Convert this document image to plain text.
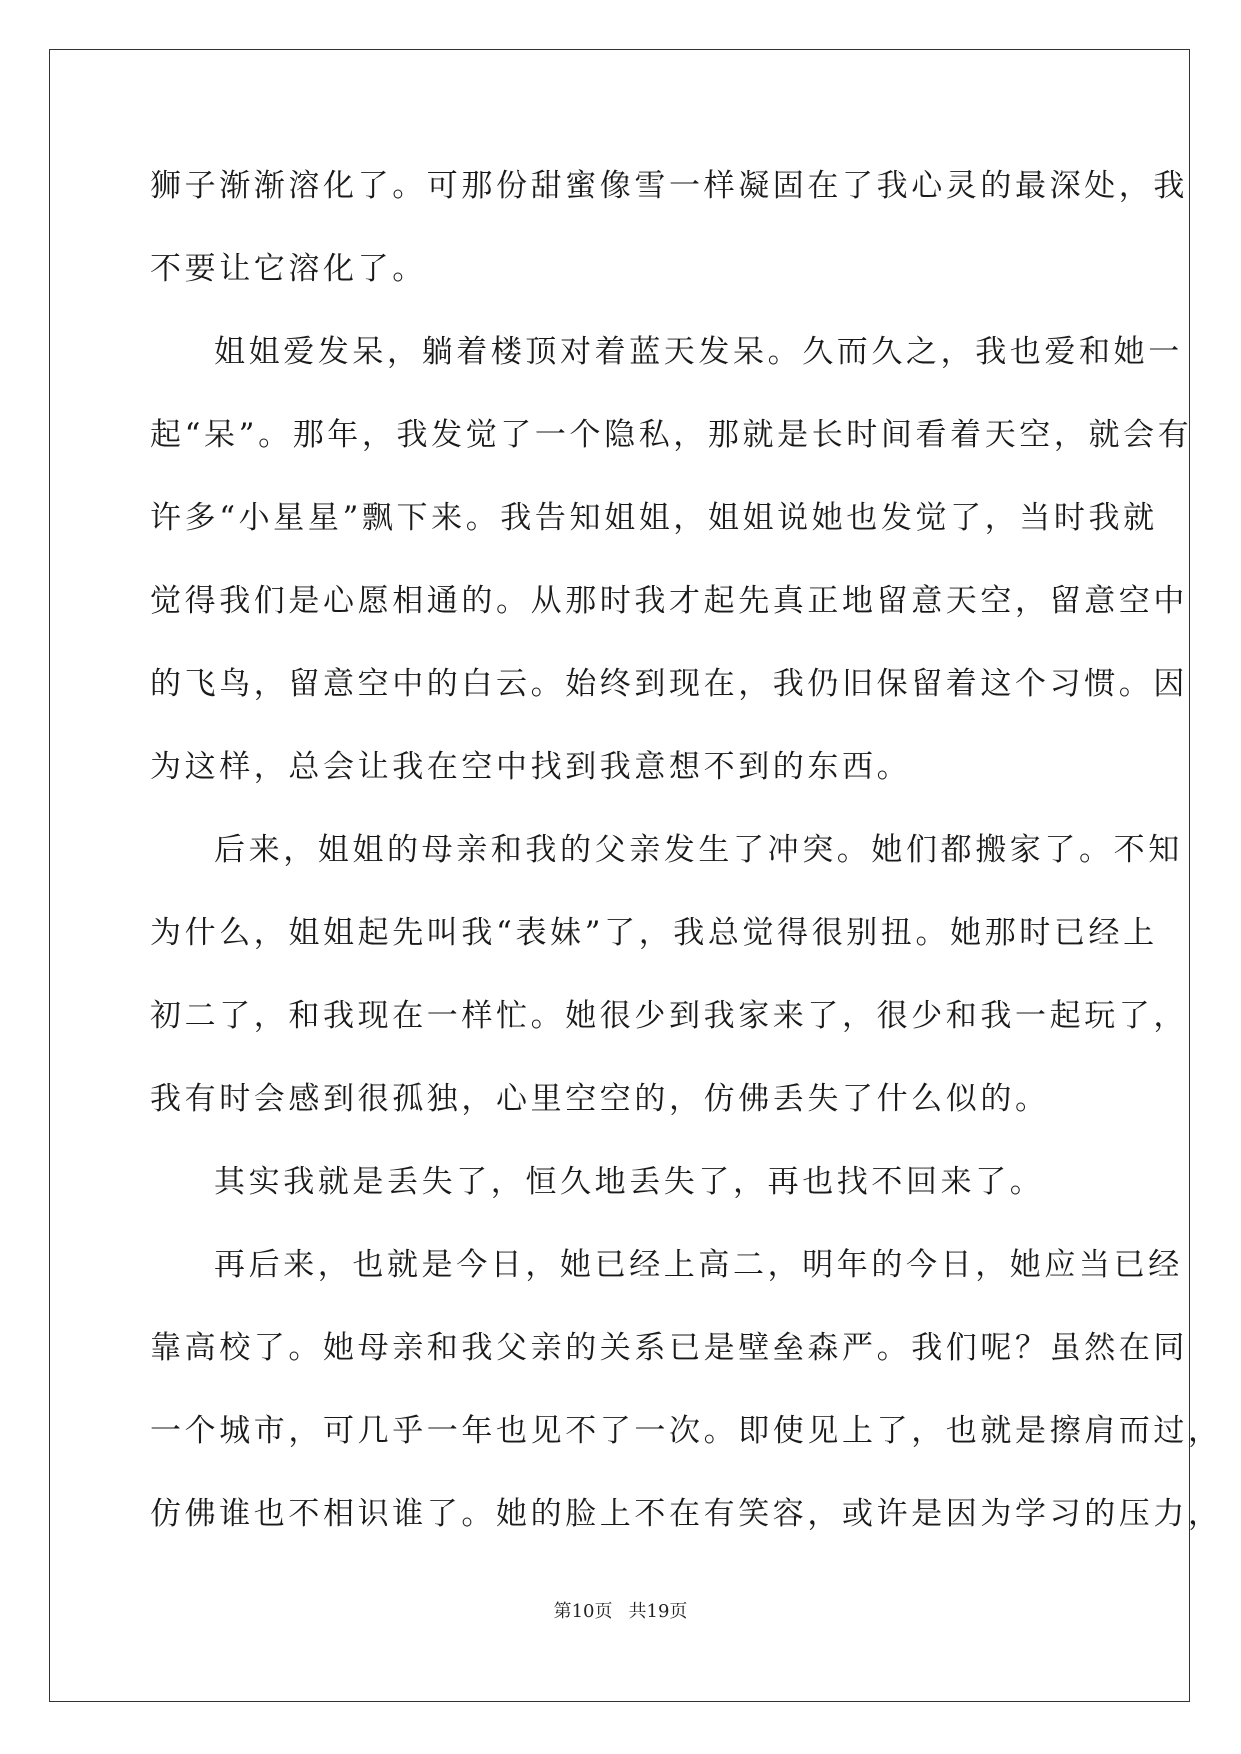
狮子渐渐溶化了。可那份甜蜜像雪一样凝固在了我心灵的最深处，我
不要让它溶化了。
姐姐爱发呆，躺着楼顶对着蓝天发呆。久而久之，我也爱和她一
起“呆”。那年，我发觉了一个隐私，那就是长时间看着天空，就会有
许多“小星星”飘下来。我告知姐姐，姐姐说她也发觉了，当时我就
觉得我们是心愿相通的。从那时我才起先真正地留意天空，留意空中
的飞鸟，留意空中的白云。始终到现在，我仍旧保留着这个习惯。因
为这样，总会让我在空中找到我意想不到的东西。
后来，姐姐的母亲和我的父亲发生了冲突。她们都搬家了。不知
为什么，姐姐起先叫我“表妹”了，我总觉得很别扭。她那时已经上
初二了，和我现在一样忙。她很少到我家来了，很少和我一起玩了，
我有时会感到很孤独，心里空空的，仿佛丢失了什么似的。
其实我就是丢失了，恒久地丢失了，再也找不回来了。
再后来，也就是今日，她已经上高二，明年的今日，她应当已经
靠高校了。她母亲和我父亲的关系已是壁垒森严。我们呢？虽然在同
一个城市，可几乎一年也见不了一次。即使见上了，也就是擦肩而过，
仿佛谁也不相识谁了。她的脸上不在有笑容，或许是因为学习的压力，
第10页 共19页
